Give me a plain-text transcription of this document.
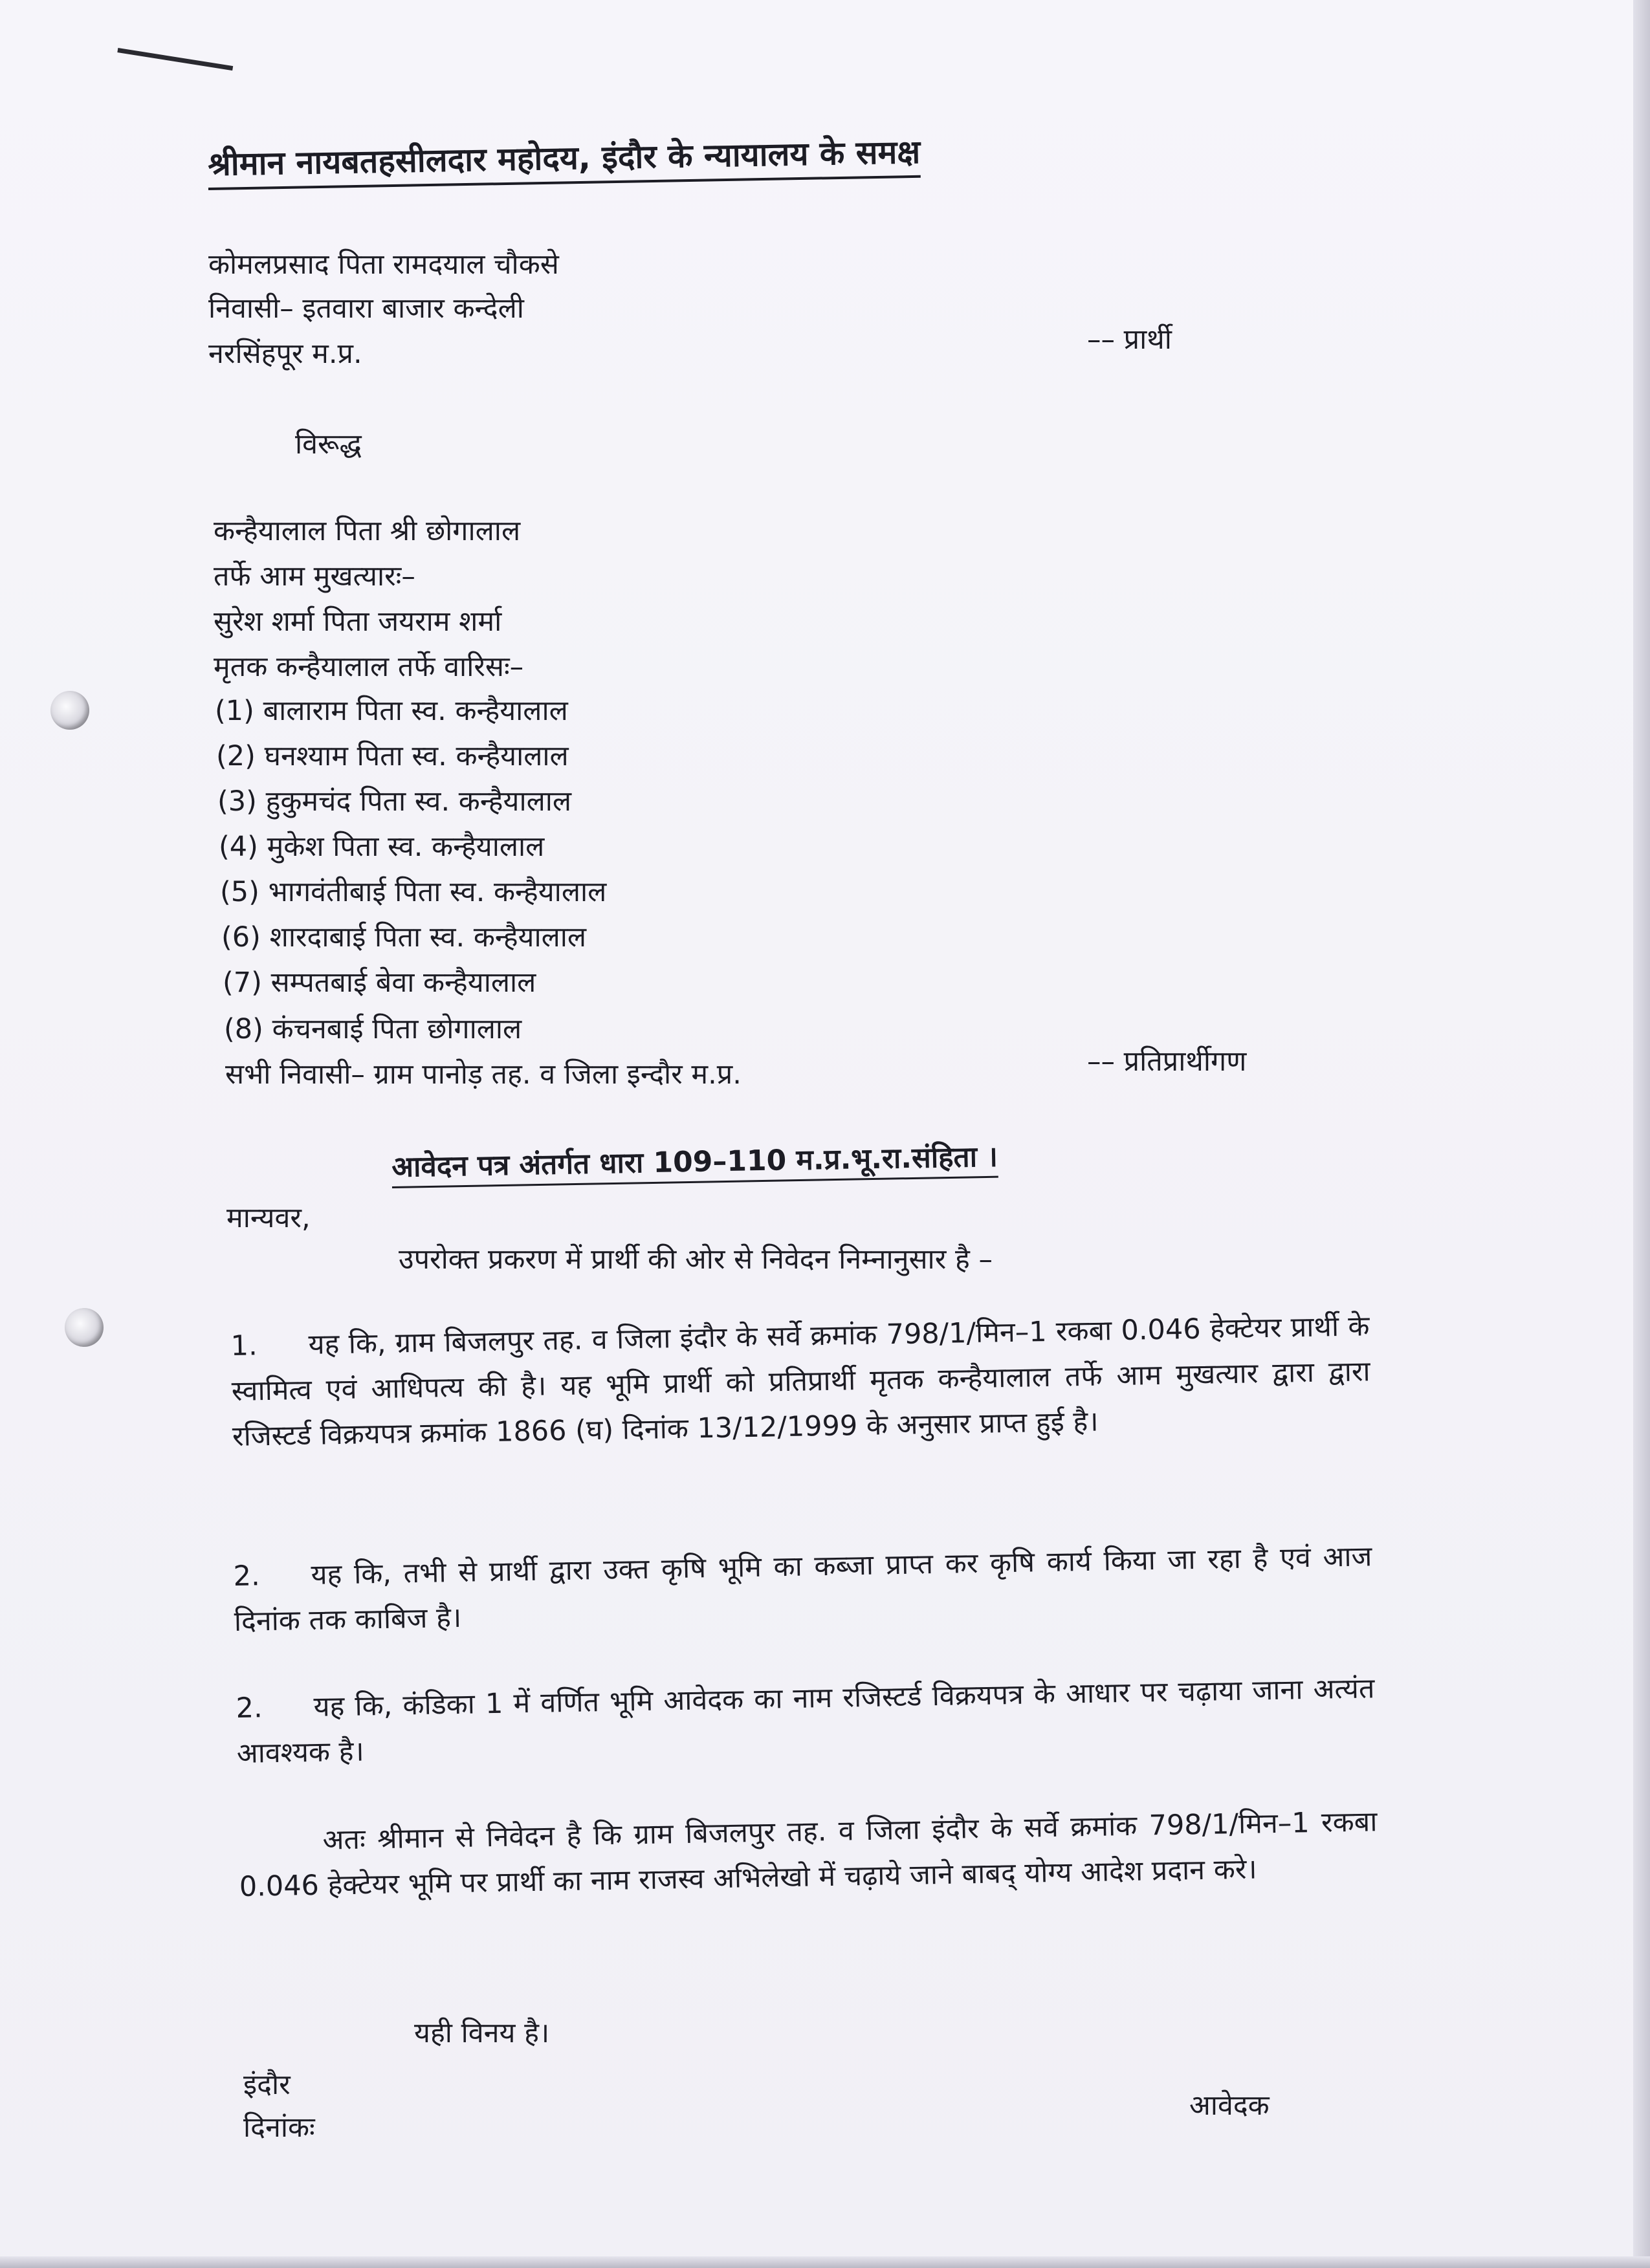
श्रीमान नायबतहसीलदार महोदय, इंदौर के न्यायालय के समक्ष
कोमलप्रसाद पिता रामदयाल चौकसे
निवासी– इतवारा बाजार कन्देली
नरसिंहपूर म.प्र.	–– प्रार्थी
विरूद्ध
कन्हैयालाल पिता श्री छोगालाल
तर्फे आम मुखत्यारः–
सुरेश शर्मा पिता जयराम शर्मा
मृतक कन्हैयालाल तर्फे वारिसः–
(1) बालाराम पिता स्व. कन्हैयालाल
(2) घनश्याम पिता स्व. कन्हैयालाल
(3) हुकुमचंद पिता स्व. कन्हैयालाल
(4) मुकेश पिता स्व. कन्हैयालाल
(5) भागवंतीबाई पिता स्व. कन्हैयालाल
(6) शारदाबाई पिता स्व. कन्हैयालाल
(7) सम्पतबाई बेवा कन्हैयालाल
(8) कंचनबाई पिता छोगालाल
सभी निवासी– ग्राम पानोड़ तह. व जिला इन्दौर म.प्र.	–– प्रतिप्रार्थीगण
आवेदन पत्र अंतर्गत धारा 109–110 म.प्र.भू.रा.संहिता ।
मान्यवर,
उपरोक्त प्रकरण में प्रार्थी की ओर से निवेदन निम्नानुसार है –
1. यह कि, ग्राम बिजलपुर तह. व जिला इंदौर के सर्वे क्रमांक 798/1/मिन–1 रकबा 0.046 हेक्टेयर प्रार्थी के स्वामित्व एवं आधिपत्य की है। यह भूमि प्रार्थी को प्रतिप्रार्थी मृतक कन्हैयालाल तर्फे आम मुखत्यार द्वारा द्वारा रजिस्टर्ड विक्रयपत्र क्रमांक 1866 (घ) दिनांक 13/12/1999 के अनुसार प्राप्त हुई है।
2. यह कि, तभी से प्रार्थी द्वारा उक्त कृषि भूमि का कब्जा प्राप्त कर कृषि कार्य किया जा रहा है एवं आज दिनांक तक काबिज है।
2. यह कि, कंडिका 1 में वर्णित भूमि आवेदक का नाम रजिस्टर्ड विक्रयपत्र के आधार पर चढ़ाया जाना अत्यंत आवश्यक है।
अतः श्रीमान से निवेदन है कि ग्राम बिजलपुर तह. व जिला इंदौर के सर्वे क्रमांक 798/1/मिन–1 रकबा 0.046 हेक्टेयर भूमि पर प्रार्थी का नाम राजस्व अभिलेखो में चढ़ाये जाने बाबद् योग्य आदेश प्रदान करे।
यही विनय है।
इंदौर
दिनांकः
आवेदक
